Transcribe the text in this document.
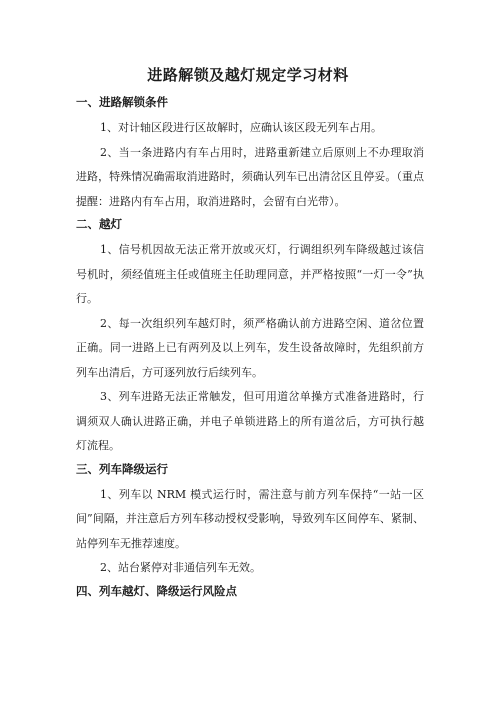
进路解锁及越灯规定学习材料
一、进路解锁条件

1、对计轴区段进行区故解时，应确认该区段无列车占用。

2、当一条进路内有车占用时，进路重新建立后原则上不办理取消进路，特殊情况确需取消进路时，须确认列车已出清岔区且停妥。（重点提醒：进路内有车占用，取消进路时，会留有白光带）。

二、越灯

1、信号机因故无法正常开放或灭灯，行调组织列车降级越过该信号机时，须经值班主任或值班主任助理同意，并严格按照“一灯一令”执行。

2、每一次组织列车越灯时，须严格确认前方进路空闲、道岔位置正确。同一进路上已有两列及以上列车，发生设备故障时，先组织前方列车出清后，方可逐列放行后续列车。

3、列车进路无法正常触发，但可用道岔单操方式准备进路时，行调须双人确认进路正确，并电子单锁进路上的所有道岔后，方可执行越灯流程。

三、列车降级运行

1、列车以 NRM 模式运行时，需注意与前方列车保持“一站一区间”间隔，并注意后方列车移动授权受影响，导致列车区间停车、紧制、站停列车无推荐速度。

2、站台紧停对非通信列车无效。

四、列车越灯、降级运行风险点
